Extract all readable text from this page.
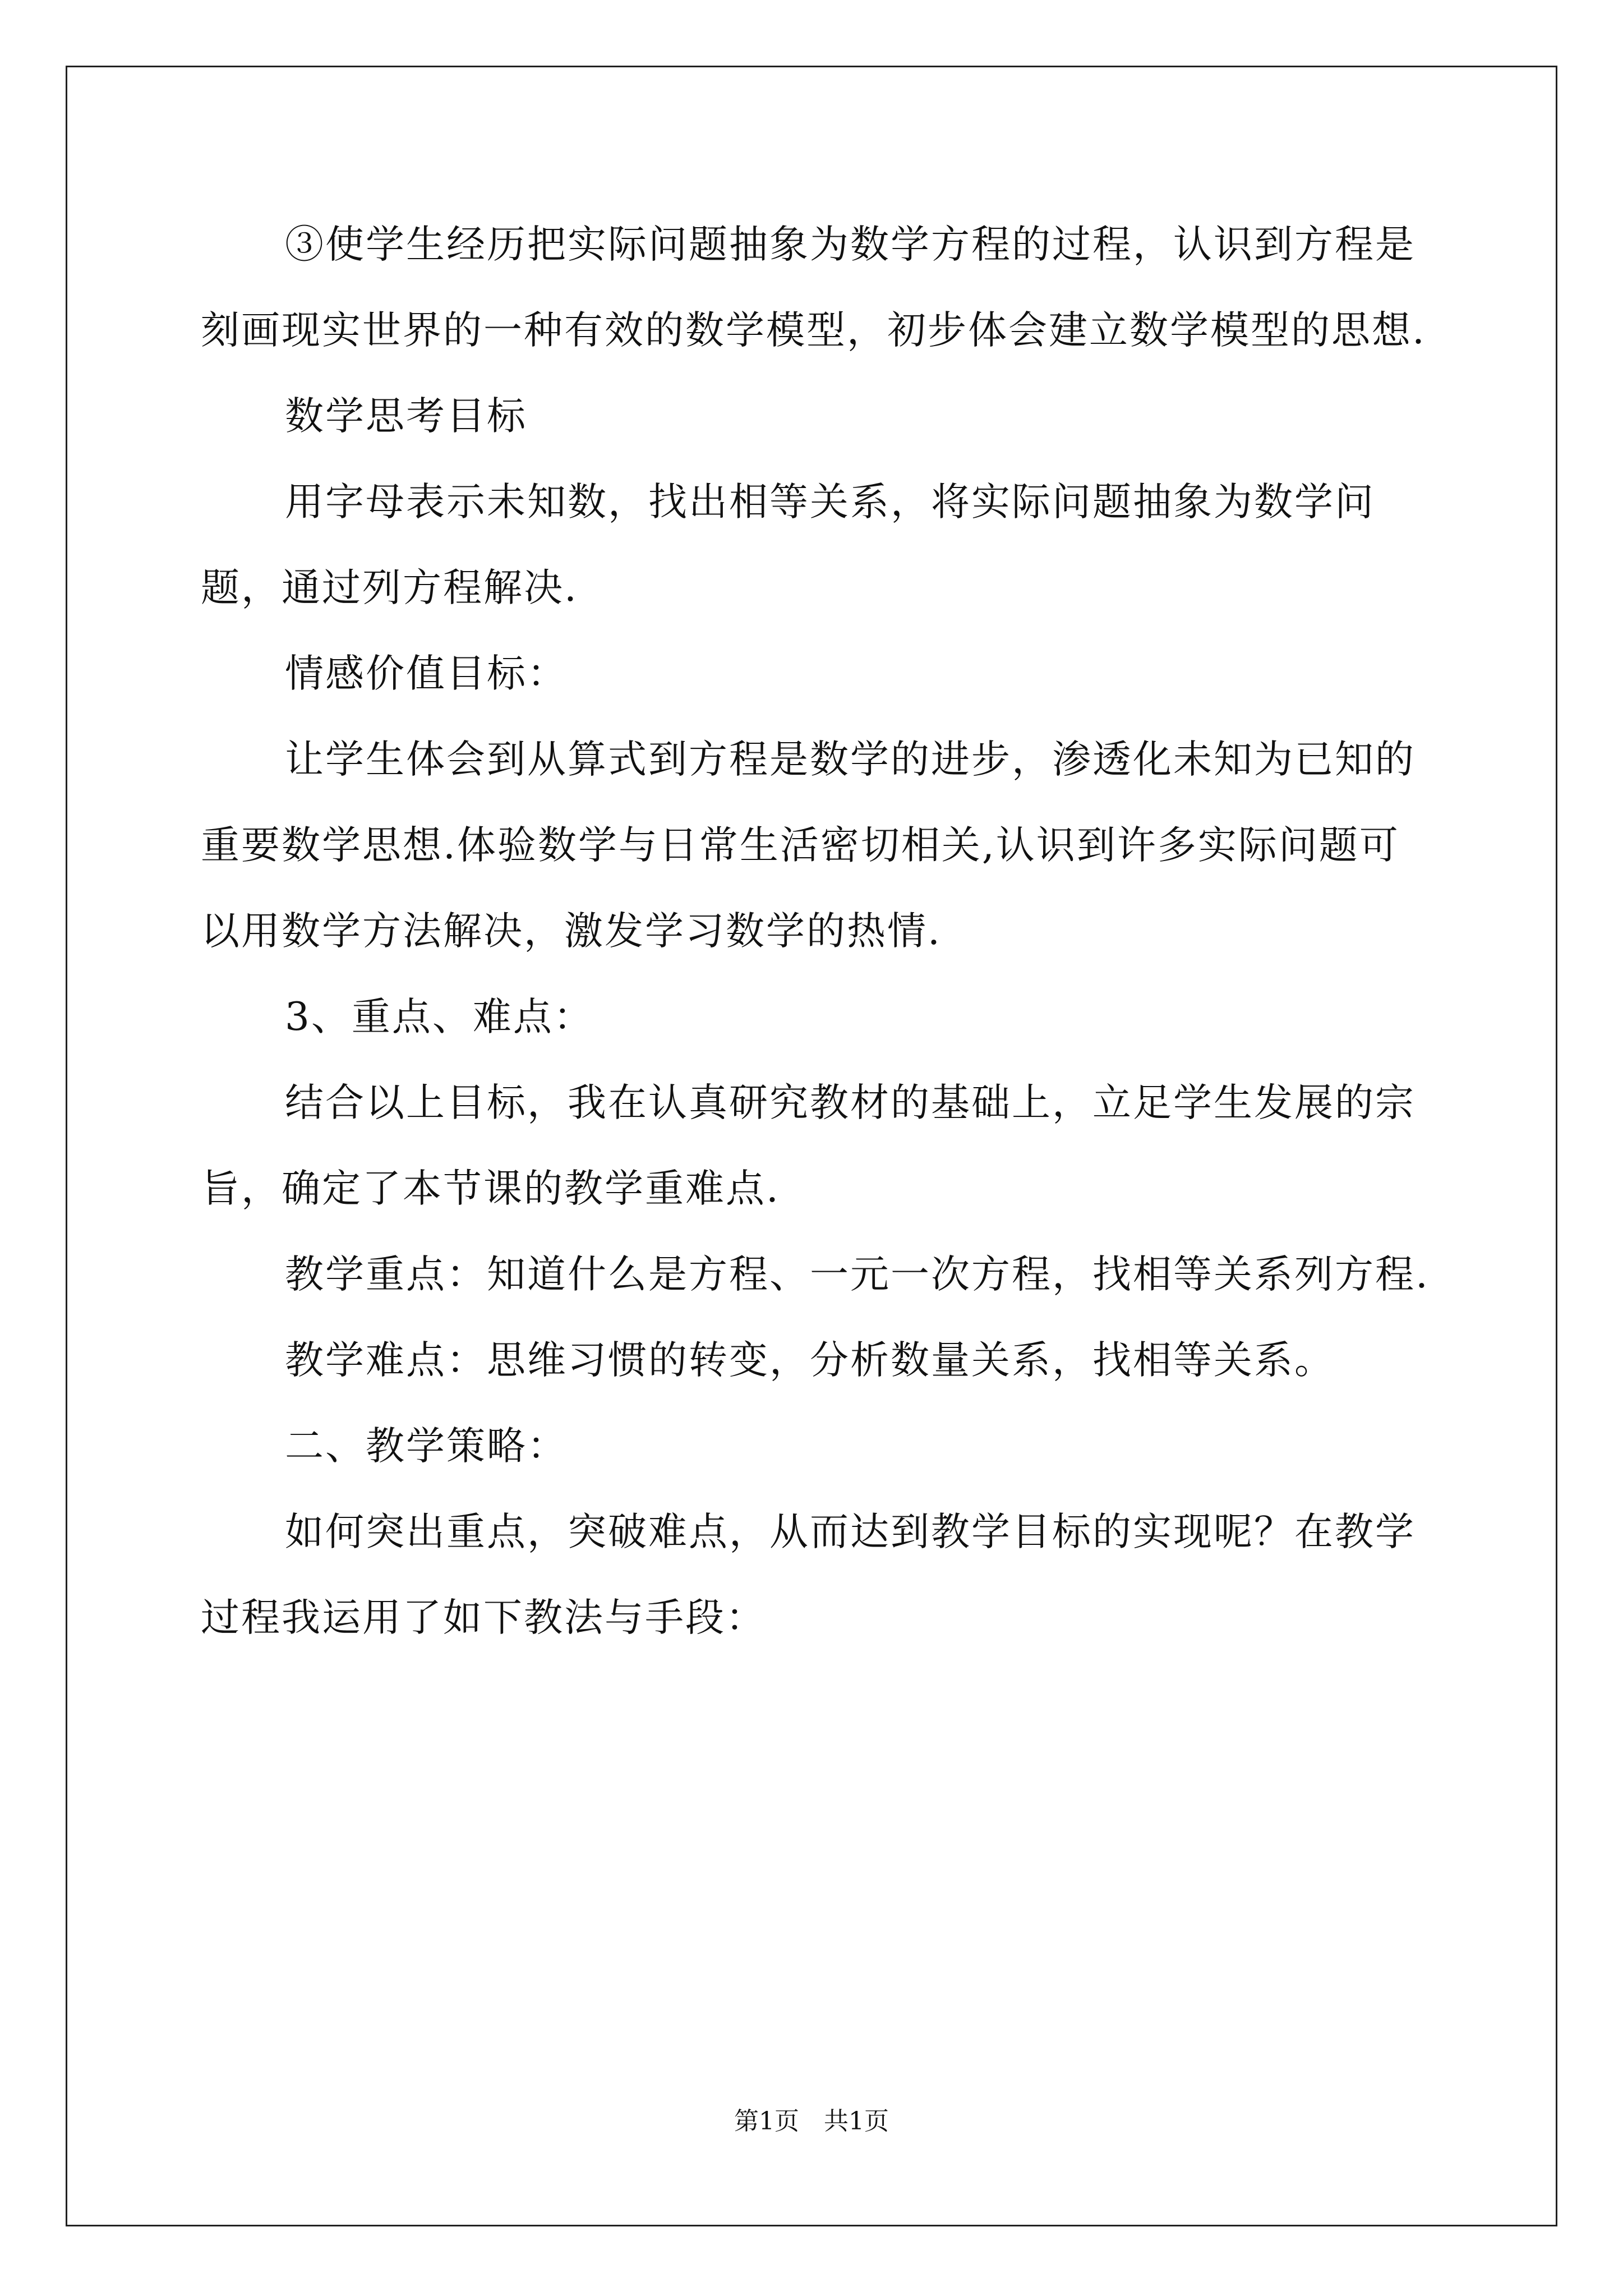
③使学生经历把实际问题抽象为数学方程的过程，认识到方程是刻画现实世界的一种有效的数学模型，初步体会建立数学模型的思想.

数学思考目标

用字母表示未知数，找出相等关系，将实际问题抽象为数学问题，通过列方程解决.

情感价值目标：

让学生体会到从算式到方程是数学的进步，渗透化未知为已知的重要数学思想.体验数学与日常生活密切相关,认识到许多实际问题可以用数学方法解决，激发学习数学的热情.

3、重点、难点：

结合以上目标，我在认真研究教材的基础上，立足学生发展的宗旨，确定了本节课的教学重难点.

教学重点：知道什么是方程、一元一次方程，找相等关系列方程.

教学难点：思维习惯的转变，分析数量关系，找相等关系。

二、教学策略：

如何突出重点，突破难点，从而达到教学目标的实现呢？在教学过程我运用了如下教法与手段：

第1页　共1页
